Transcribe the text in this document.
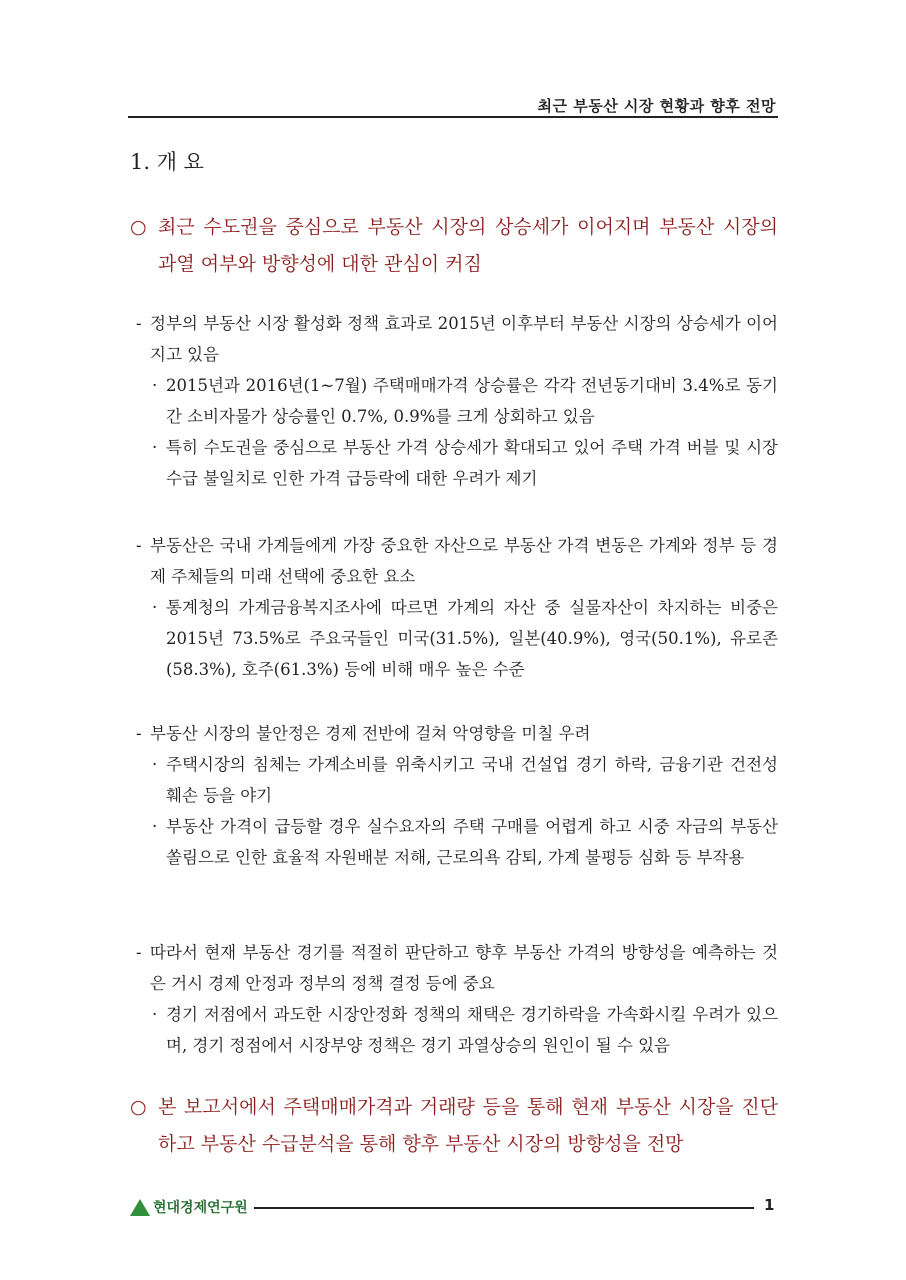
최근 부동산 시장 현황과 향후 전망
1. 개 요
○ 최근 수도권을 중심으로 부동산 시장의 상승세가 이어지며 부동산 시장의 과열 여부와 방향성에 대한 관심이 커짐
- 정부의 부동산 시장 활성화 정책 효과로 2015년 이후부터 부동산 시장의 상승세가 이어지고 있음
· 2015년과 2016년(1~7월) 주택매매가격 상승률은 각각 전년동기대비 3.4%로 동기간 소비자물가 상승률인 0.7%, 0.9%를 크게 상회하고 있음
· 특히 수도권을 중심으로 부동산 가격 상승세가 확대되고 있어 주택 가격 버블 및 시장 수급 불일치로 인한 가격 급등락에 대한 우려가 제기
- 부동산은 국내 가계들에게 가장 중요한 자산으로 부동산 가격 변동은 가계와 정부 등 경제 주체들의 미래 선택에 중요한 요소
· 통계청의 가계금융복지조사에 따르면 가계의 자산 중 실물자산이 차지하는 비중은 2015년 73.5%로 주요국들인 미국(31.5%), 일본(40.9%), 영국(50.1%), 유로존(58.3%), 호주(61.3%) 등에 비해 매우 높은 수준
- 부동산 시장의 불안정은 경제 전반에 걸쳐 악영향을 미칠 우려
· 주택시장의 침체는 가계소비를 위축시키고 국내 건설업 경기 하락, 금융기관 건전성 훼손 등을 야기
· 부동산 가격이 급등할 경우 실수요자의 주택 구매를 어렵게 하고 시중 자금의 부동산 쏠림으로 인한 효율적 자원배분 저해, 근로의욕 감퇴, 가계 불평등 심화 등 부작용
- 따라서 현재 부동산 경기를 적절히 판단하고 향후 부동산 가격의 방향성을 예측하는 것은 거시 경제 안정과 정부의 정책 결정 등에 중요
· 경기 저점에서 과도한 시장안정화 정책의 채택은 경기하락을 가속화시킬 우려가 있으며, 경기 정점에서 시장부양 정책은 경기 과열상승의 원인이 될 수 있음
○ 본 보고서에서 주택매매가격과 거래량 등을 통해 현재 부동산 시장을 진단하고 부동산 수급분석을 통해 향후 부동산 시장의 방향성을 전망
현대경제연구원	1
